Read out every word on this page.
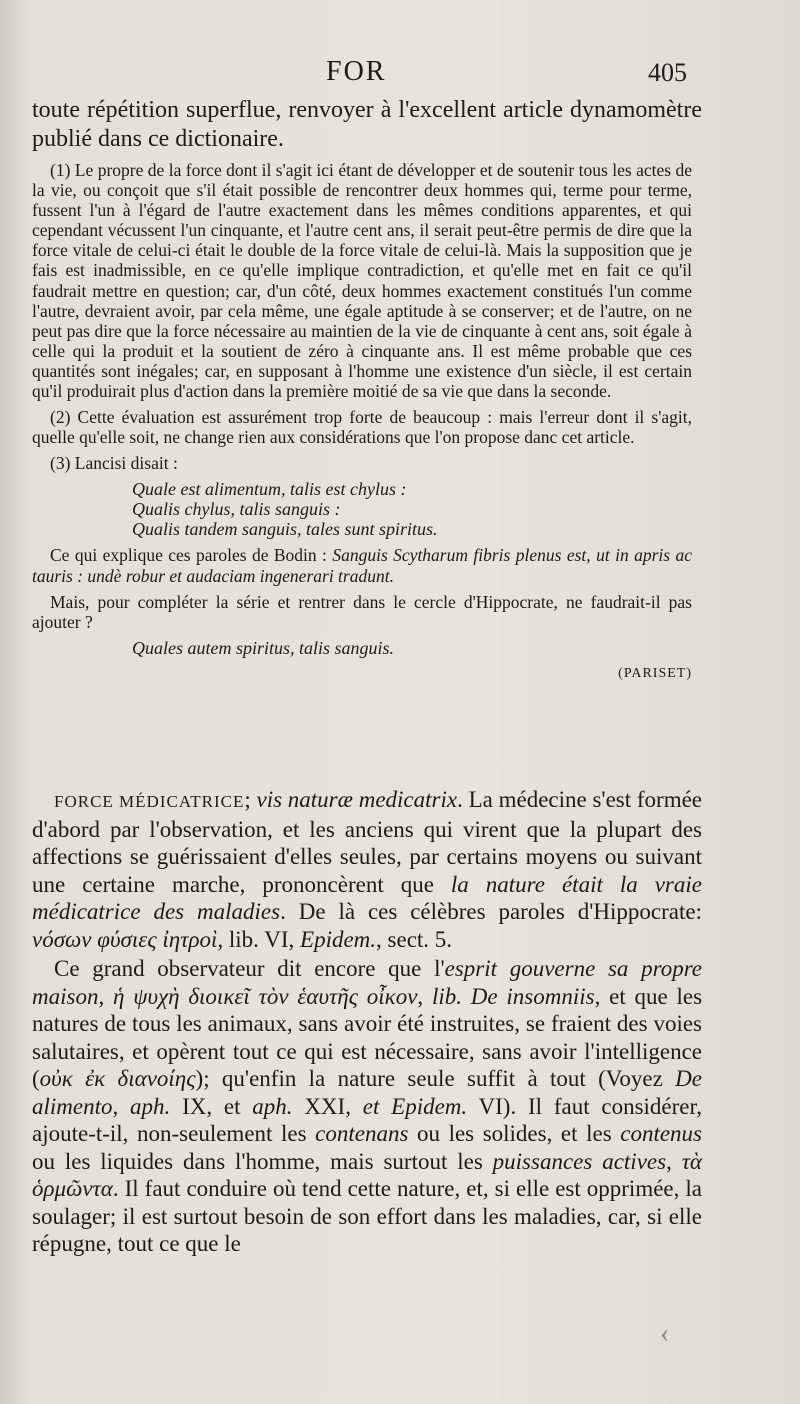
FOR	405
toute répétition superflue, renvoyer à l'excellent article dynamomètre publié dans ce dictionaire.

(1) Le propre de la force dont il s'agit ici étant de développer et de soutenir tous les actes de la vie, ou conçoit que s'il était possible de rencontrer deux hommes qui, terme pour terme, fussent l'un à l'égard de l'autre exactement dans les mêmes conditions apparentes, et qui cependant vécussent l'un cinquante, et l'autre cent ans, il serait peut-être permis de dire que la force vitale de celui-ci était le double de la force vitale de celui-là. Mais la supposition que je fais est inadmissible, en ce qu'elle implique contradiction, et qu'elle met en fait ce qu'il faudrait mettre en question; car, d'un côté, deux hommes exactement constitués l'un comme l'autre, devraient avoir, par cela même, une égale aptitude à se conserver; et de l'autre, on ne peut pas dire que la force nécessaire au maintien de la vie de cinquante à cent ans, soit égale à celle qui la produit et la soutient de zéro à cinquante ans. Il est même probable que ces quantités sont inégales; car, en supposant à l'homme une existence d'un siècle, il est certain qu'il produirait plus d'action dans la première moitié de sa vie que dans la seconde.

(2) Cette évaluation est assurément trop forte de beaucoup : mais l'erreur dont il s'agit, quelle qu'elle soit, ne change rien aux considérations que l'on propose danc cet article.

(3) Lancisi disait :

Quale est alimentum, talis est chylus :
Qualis chylus, talis sanguis :
Qualis tandem sanguis, tales sunt spiritus.

Ce qui explique ces paroles de Bodin : Sanguis Scytharum fibris plenus est, ut in apris ac tauris : undè robur et audaciam ingenerari tradunt.

Mais, pour compléter la série et rentrer dans le cercle d'Hippocrate, ne faudrait-il pas ajouter ?

Quales autem spiritus, talis sanguis.
(PARISET)

FORCE MÉDICATRICE; vis naturæ medicatrix. La médecine s'est formée d'abord par l'observation, et les anciens qui virent que la plupart des affections se guérissaient d'elles seules, par certains moyens ou suivant une certaine marche, prononcèrent que la nature était la vraie médicatrice des maladies. De là ces célèbres paroles d'Hippocrate: νόσων φύσιες ἰητροὶ, lib. VI, Epidem., sect. 5.

Ce grand observateur dit encore que l'esprit gouverne sa propre maison, ἡ ψυχὴ διοικεῖ τὸν ἑαυτῆς οἶκον, lib. De insomniis, et que les natures de tous les animaux, sans avoir été instruites, se fraient des voies salutaires, et opèrent tout ce qui est nécessaire, sans avoir l'intelligence (οὐκ ἐκ διανοίης); qu'enfin la nature seule suffit à tout (Voyez De alimento, aph. IX, et aph. XXI, et Epidem. VI). Il faut considérer, ajoute-t-il, non-seulement les contenans ou les solides, et les contenus ou les liquides dans l'homme, mais surtout les puissances actives, τὰ ὁρμῶντα. Il faut conduire où tend cette nature, et, si elle est opprimée, la soulager; il est surtout besoin de son effort dans les maladies, car, si elle répugne, tout ce que le

‹
